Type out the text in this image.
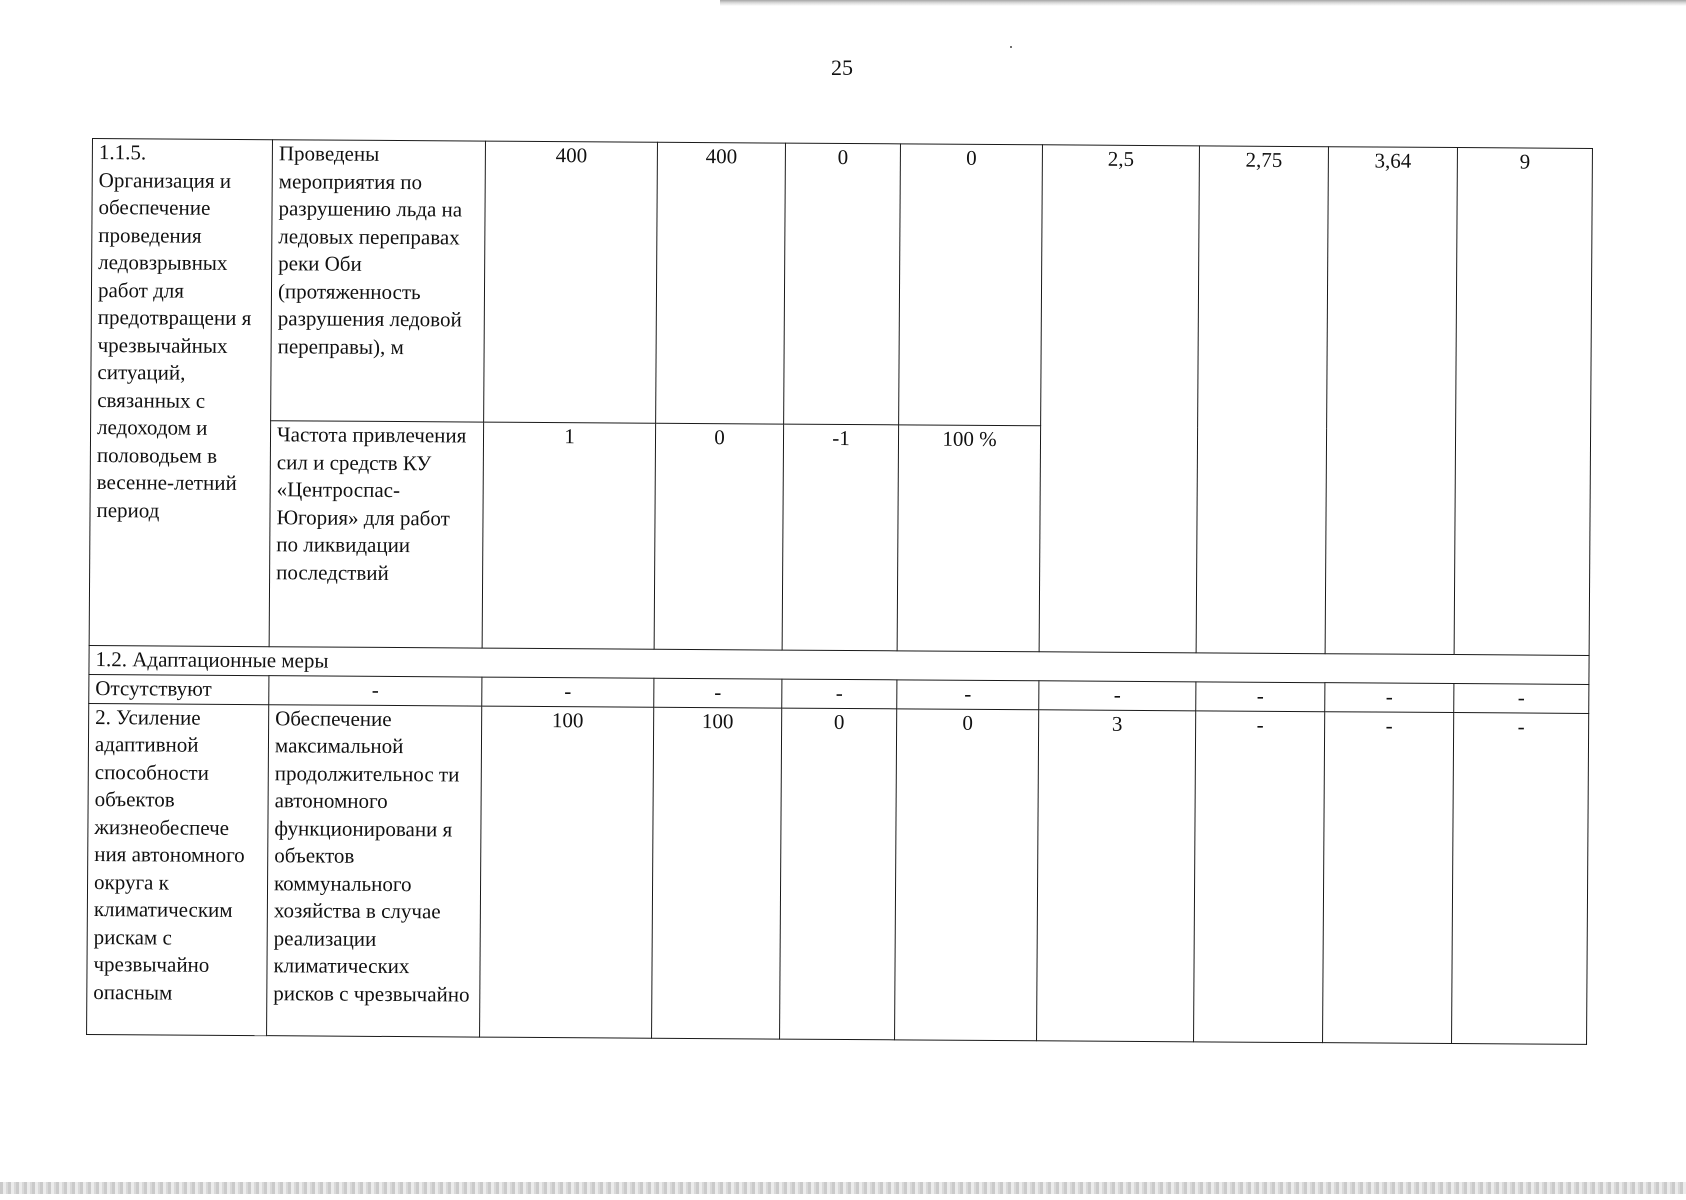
25
1.1.5. Организация и обеспечение проведения ледовзрывных работ для предотвращени я чрезвычайных ситуаций, связанных с ледоходом и половодьем в весенне-летний период	Проведены мероприятия по разрушению льда на ледовых переправах реки Оби (протяженность разрушения ледовой переправы), м	400	400	0	0	2,5	2,75	3,64	9
	Частота привлечения сил и средств КУ «Центроспас-Югория» для работ по ликвидации последствий	1	0	-1	100 %				
1.2. Адаптационные меры									
Отсутствуют	-	-	-	-	-	-	-	-	-
2. Усиление адаптивной способности объектов жизнеобеспече ния автономного округа к климатическим рискам с чрезвычайно опасным	Обеспечение максимальной продолжительнос ти автономного функционировани я объектов коммунального хозяйства в случае реализации климатических рисков с чрезвычайно	100	100	0	0	3	-	-	-
